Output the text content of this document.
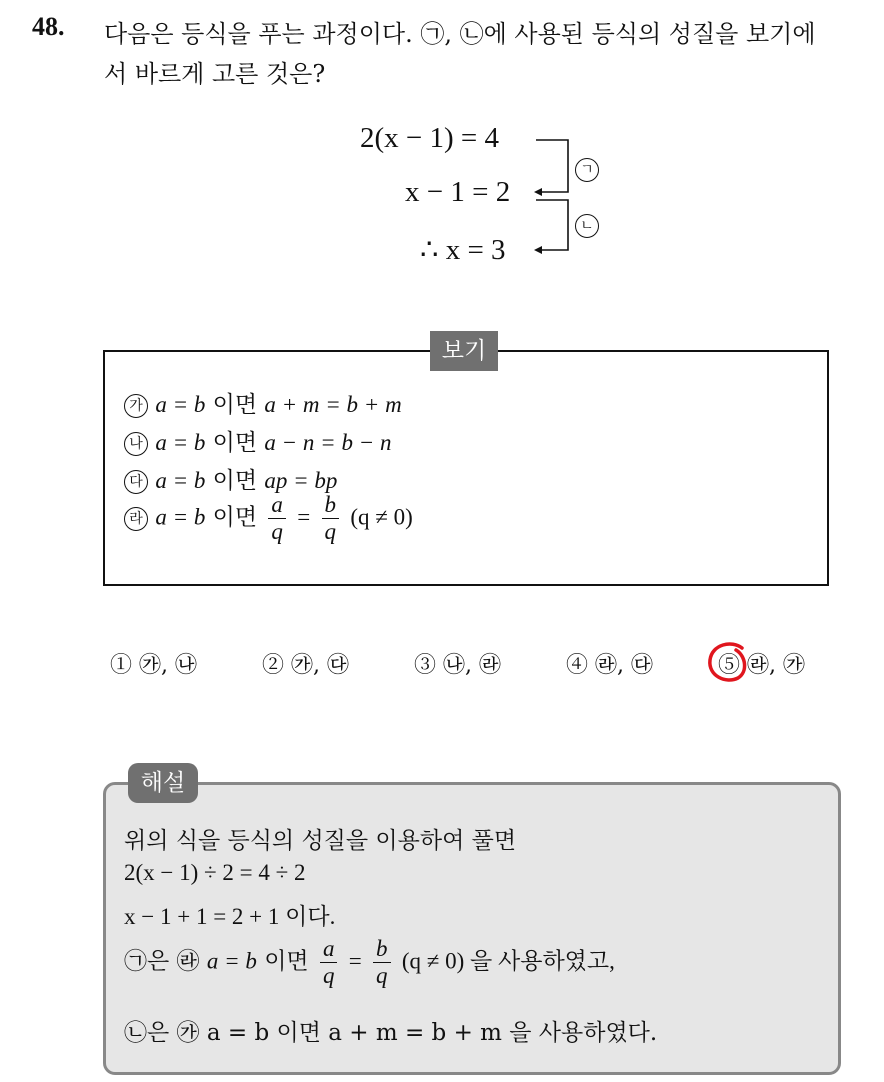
48. 다음은 등식을 푸는 과정이다. ㉠, ㉡에 사용된 등식의 성질을 보기에
서 바르게 고른 것은?
2(x − 1) = 4
x − 1 = 2
∴ x = 3
ㄱ
ㄴ
보기
가 a = b 이면 a + m = b + m
나 a = b 이면 a − n = b − n
다 a = b 이면 ap = bp
라 a = b 이면 $\frac{a}{q} = \frac{b}{q} (q \ne 0)$
① ㉮, ㉯	② ㉮, ㉰	③ ㉯, ㉱	④ ㉱, ㉰	⑤ ㉱, ㉮
해설
위의 식을 등식의 성질을 이용하여 풀면
2(x − 1) ÷ 2 = 4 ÷ 2
x − 1 + 1 = 2 + 1 이다.
㉠은 ㉱ a = b 이면 $\frac{a}{q} = \frac{b}{q} (q \ne 0)$ 을 사용하였고,
㉡은 ㉮ a = b 이면 a + m = b + m 을 사용하였다.
